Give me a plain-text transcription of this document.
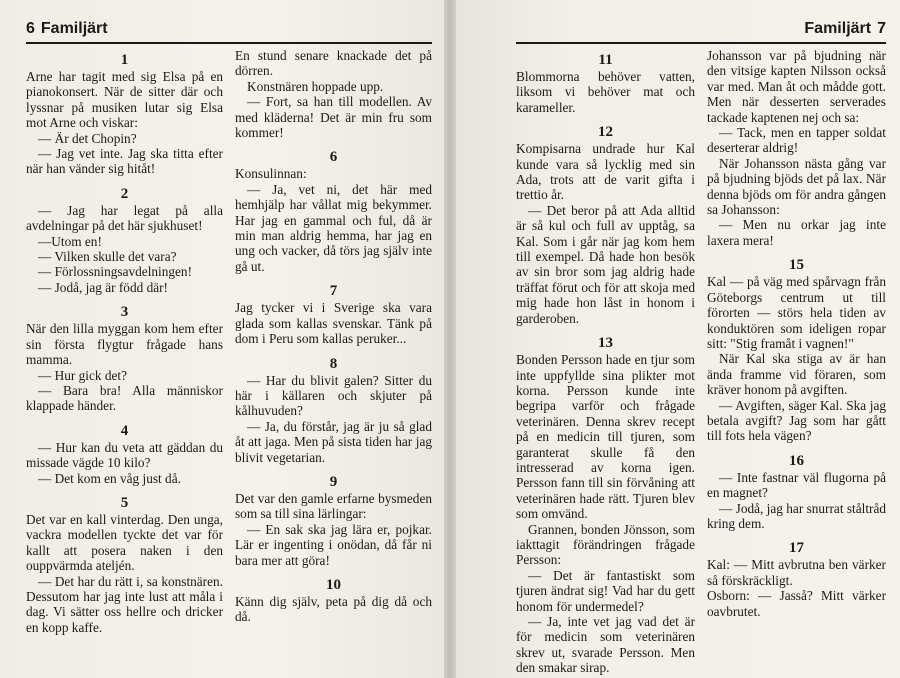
6 Familjärt
1
Arne har tagit med sig Elsa på en pianokonsert. När de sitter där och lyssnar på musiken lutar sig Elsa mot Arne och viskar:
— Är det Chopin?
— Jag vet inte. Jag ska titta efter när han vänder sig hitåt!
2
— Jag har legat på alla avdelningar på det här sjukhuset!
—Utom en!
— Vilken skulle det vara?
— Förlossningsavdelningen!
— Jodå, jag är född där!
3
När den lilla myggan kom hem efter sin första flygtur frågade hans mamma.
— Hur gick det?
— Bara bra! Alla människor klappade händer.
4
— Hur kan du veta att gäddan du missade vägde 10 kilo?
— Det kom en våg just då.
5
Det var en kall vinterdag. Den unga, vackra modellen tyckte det var för kallt att posera naken i den ouppvärmda ateljén.
— Det har du rätt i, sa konstnären. Dessutom har jag inte lust att måla i dag. Vi sätter oss hellre och dricker en kopp kaffe.
En stund senare knackade det på dörren.
Konstnären hoppade upp.
— Fort, sa han till modellen. Av med kläderna! Det är min fru som kommer!
6
Konsulinnan:
— Ja, vet ni, det här med hemhjälp har vållat mig bekymmer. Har jag en gammal och ful, då är min man aldrig hemma, har jag en ung och vacker, då törs jag själv inte gå ut.
7
Jag tycker vi i Sverige ska vara glada som kallas svenskar. Tänk på dom i Peru som kallas peruker...
8
— Har du blivit galen? Sitter du här i källaren och skjuter på kålhuvuden?
— Ja, du förstår, jag är ju så glad åt att jaga. Men på sista tiden har jag blivit vegetarian.
9
Det var den gamle erfarne bysmeden som sa till sina lärlingar:
— En sak ska jag lära er, pojkar. Lär er ingenting i onödan, då får ni bara mer att göra!
10
Känn dig själv, peta på dig då och då.
Familjärt 7
11
Blommorna behöver vatten, liksom vi behöver mat och karameller.
12
Kompisarna undrade hur Kal kunde vara så lycklig med sin Ada, trots att de varit gifta i trettio år.
— Det beror på att Ada alltid är så kul och full av upptåg, sa Kal. Som i går när jag kom hem till exempel. Då hade hon besök av sin bror som jag aldrig hade träffat förut och för att skoja med mig hade hon låst in honom i garderoben.
13
Bonden Persson hade en tjur som inte uppfyllde sina plikter mot korna. Persson kunde inte begripa varför och frågade veterinären. Denna skrev recept på en medicin till tjuren, som garanterat skulle få den intresserad av korna igen. Persson fann till sin förvåning att veterinären hade rätt. Tjuren blev som omvänd.
Grannen, bonden Jönsson, som iakttagit förändringen frågade Persson:
— Det är fantastiskt som tjuren ändrat sig! Vad har du gett honom för undermedel?
— Ja, inte vet jag vad det är för medicin som veterinären skrev ut, svarade Persson. Men den smakar sirap.
Johansson var på bjudning när den vitsige kapten Nilsson också var med. Man åt och mådde gott. Men när desserten serverades tackade kaptenen nej och sa:
— Tack, men en tapper soldat deserterar aldrig!
När Johansson nästa gång var på bjudning bjöds det på lax. När denna bjöds om för andra gången sa Johansson:
— Men nu orkar jag inte laxera mera!
15
Kal — på väg med spårvagn från Göteborgs centrum ut till förorten — störs hela tiden av konduktören som ideligen ropar sitt: "Stig framåt i vagnen!"
När Kal ska stiga av är han ända framme vid föraren, som kräver honom på avgiften.
— Avgiften, säger Kal. Ska jag betala avgift? Jag som har gått till fots hela vägen?
16
— Inte fastnar väl flugorna på en magnet?
— Jodå, jag har snurrat ståltråd kring dem.
17
Kal: — Mitt avbrutna ben värker så förskräckligt.
Osborn: — Jasså? Mitt värker oavbrutet.
